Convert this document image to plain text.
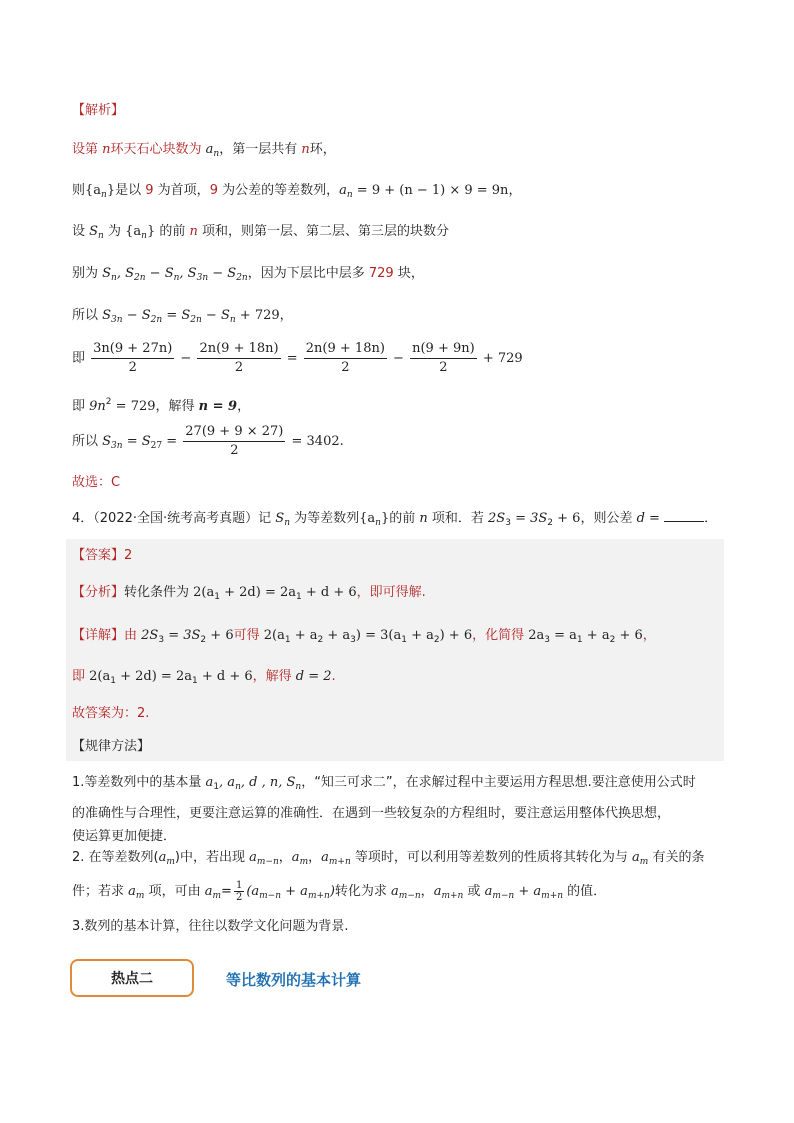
【解析】
设第 n环天石心块数为 $a_n$，第一层共有 n环，
则$\{a_n\}$是以 9 为首项，9 为公差的等差数列，$a_n = 9 + (n - 1) \times 9 = 9n$，
设 $S_n$ 为 $\{a_n\}$ 的前 n 项和，则第一层、第二层、第三层的块数分
别为 $S_n$, $S_{2n} - S_n$, $S_{3n} - S_{2n}$，因为下层比中层多 729 块，
所以 $S_{3n} - S_{2n} = S_{2n} - S_n + 729$，
即 $\frac{3n(9 + 27n)}{2} - \frac{2n(9 + 18n)}{2} = \frac{2n(9 + 18n)}{2} - \frac{n(9 + 9n)}{2} + 729$
即 $9n^2 = 729$，解得 n = 9，
所以 $S_{3n} = S_{27} = \frac{27(9 + 9 \times 27)}{2} = 3402$.
故选：C
4．（2022·全国·统考高考真题）记 $S_n$ 为等差数列$\{a_n\}$的前 n 项和．若 $2S_3 = 3S_2 + 6$，则公差 d =	．
【答案】2
【分析】转化条件为 $2(a_1 + 2d) = 2a_1 + d + 6$，即可得解.
【详解】由 $2S_3 = 3S_2 + 6$可得 $2(a_1 + a_2 + a_3) = 3(a_1 + a_2) + 6$，化简得 $2a_3 = a_1 + a_2 + 6$，
即 $2(a_1 + 2d) = 2a_1 + d + 6$，解得 d = 2.
故答案为：2.
【规律方法】
1.等差数列中的基本量 $a_1$, $a_n$, d , n, $S_n$，“知三可求二”，在求解过程中主要运用方程思想.要注意使用公式时
的准确性与合理性，更要注意运算的准确性．在遇到一些较复杂的方程组时，要注意运用整体代换思想，
使运算更加便捷．
2. 在等差数列$(a_m)$中，若出现 $a_{m-n}$，$a_m$，$a_{m+n}$ 等项时，可以利用等差数列的性质将其转化为与 $a_m$ 有关的条
件；若求 $a_m$ 项，可由 $a_m= \frac{1}{2} (a_{m-n} + a_{m+n})$转化为求 $a_{m-n}$，$a_{m+n}$ 或 $a_{m-n} + a_{m+n}$ 的值．
3.数列的基本计算，往往以数学文化问题为背景.
热点二	等比数列的基本计算
